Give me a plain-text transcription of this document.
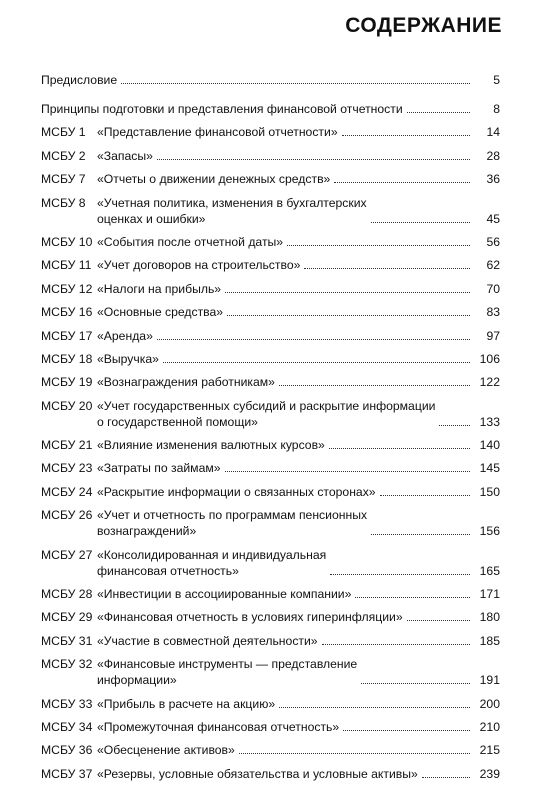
СОДЕРЖАНИЕ
Предисловие	5
Принципы подготовки и представления финансовой отчетности	8
МСБУ 1 «Представление финансовой отчетности»	14
МСБУ 2 «Запасы»	28
МСБУ 7 «Отчеты о движении денежных средств»	36
МСБУ 8 «Учетная политика, изменения в бухгалтерских
оценках и ошибки»	45
МСБУ 10 «События после отчетной даты»	56
МСБУ 11 «Учет договоров на строительство»	62
МСБУ 12 «Налоги на прибыль»	70
МСБУ 16 «Основные средства»	83
МСБУ 17 «Аренда»	97
МСБУ 18 «Выручка»	106
МСБУ 19 «Вознаграждения работникам»	122
МСБУ 20 «Учет государственных субсидий и раскрытие информации
о государственной помощи»	133
МСБУ 21 «Влияние изменения валютных курсов»	140
МСБУ 23 «Затраты по займам»	145
МСБУ 24 «Раскрытие информации о связанных сторонах»	150
МСБУ 26 «Учет и отчетность по программам пенсионных
вознаграждений»	156
МСБУ 27 «Консолидированная и индивидуальная
финансовая отчетность»	165
МСБУ 28 «Инвестиции в ассоциированные компании»	171
МСБУ 29 «Финансовая отчетность в условиях гиперинфляции»	180
МСБУ 31 «Участие в совместной деятельности»	185
МСБУ 32 «Финансовые инструменты — представление
информации»	191
МСБУ 33 «Прибыль в расчете на акцию»	200
МСБУ 34 «Промежуточная финансовая отчетность»	210
МСБУ 36 «Обесценение активов»	215
МСБУ 37 «Резервы, условные обязательства и условные активы»	239
